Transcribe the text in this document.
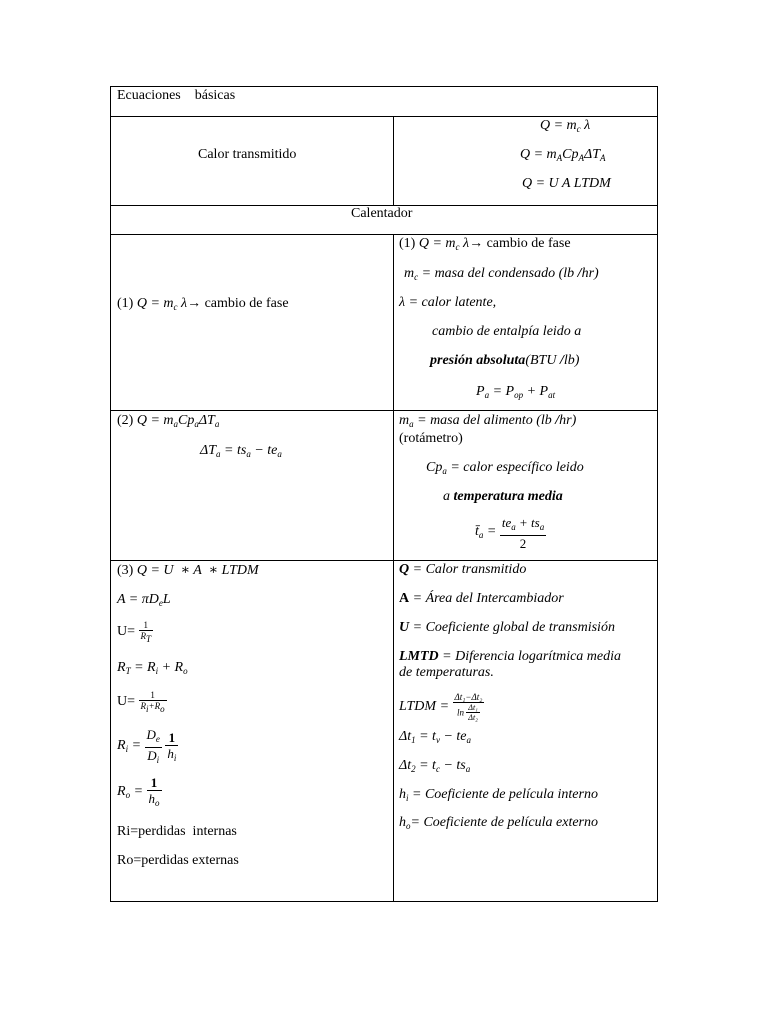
Ecuaciones    básicas
Calor transmitido
$Q = m_c$ λ
$Q = m_ACp_A\Delta T_A$
Q = U A LTDM
Calentador
(1) $Q = m_c$ λ→ cambio de fase
(1) $Q = m_c$ λ→ cambio de fase
$m_c$ = masa del condensado (lb /hr)
λ = calor latente,
cambio de entalpía leido a
presión absoluta(BTU /lb)
$P_a = P_{op} + P_{at}$
(2) $Q = m_aCp_a\Delta T_a$
$\Delta T_a = ts_a - te_a$
$m_a$ = masa del alimento (lb /hr)
(rotámetro)
$Cp_a$ = calor específico leido
a temperatura media
$t̄_a = \frac{te_a + ts_a}{2}$
(3) Q = U  ∗ A  ∗ LTDM
$A = \pi D_eL$
$U= \frac{1}{R_T}$
$R_T = R_i + R_o$
$U= \frac{1}{R_i+R_o}$
$R_i = \frac{D_e}{D_i}$
$\frac{1}{h_i}$
$R_o = \frac{1}{h_o}$
Ri=perdidas  internas
Ro=perdidas externas
Q = Calor transmitido
A = Área del Intercambiador
U = Coeficiente global de transmisión
LMTD = Diferencia logarítmica media
de temperaturas.
LTDM = $\frac{\text{Δt₁−Δt₂}}{\ln \frac{\text{Δt₁}}{\text{Δt₂}}}$
$\Delta t_1 = t_v - te_a$
$\Delta t_2 = t_c - ts_a$
$h_i$ = Coeficiente de película interno
$h_o=$ Coeficiente de película externo
